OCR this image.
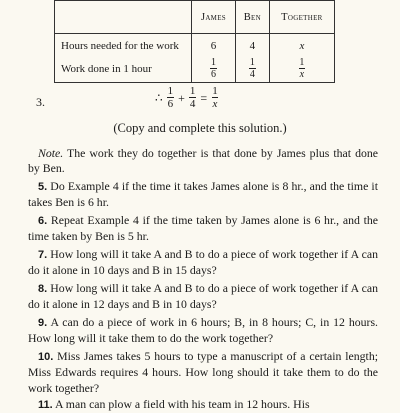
	James	Ben	Together
Hours needed for the work	6	4	x
Work done in 1 hour	$\frac{1}{6}$	$\frac{1}{4}$	$\frac{1}{x}$
3.	∴ $\frac{1}{6} + \frac{1}{4} = \frac{1}{x}$
(Copy and complete this solution.)

Note. The work they do together is that done by James plus that done by Ben.

5. Do Example 4 if the time it takes James alone is 8 hr., and the time it takes Ben is 6 hr.

6. Repeat Example 4 if the time taken by James alone is 6 hr., and the time taken by Ben is 5 hr.

7. How long will it take A and B to do a piece of work together if A can do it alone in 10 days and B in 15 days?

8. How long will it take A and B to do a piece of work together if A can do it alone in 12 days and B in 10 days?

9. A can do a piece of work in 6 hours; B, in 8 hours; C, in 12 hours. How long will it take them to do the work together?

10. Miss James takes 5 hours to type a manuscript of a certain length; Miss Edwards requires 4 hours. How long should it take them to do the work together?

11. A man can plow a field with his team in 12 hours. His
